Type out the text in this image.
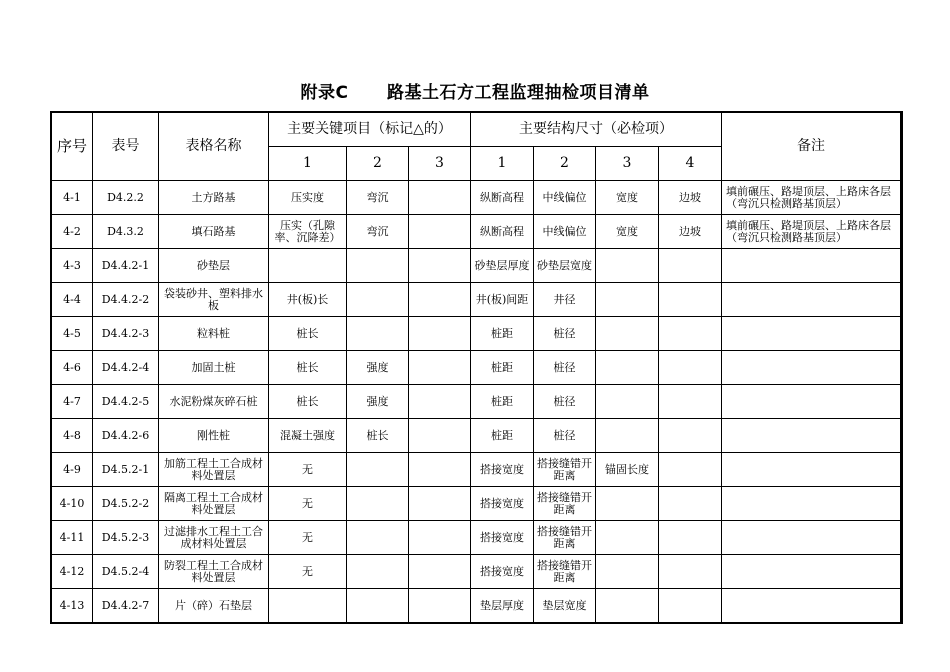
附录C      路基土石方工程监理抽检项目清单
序号	表号	表格名称	主要关键项目（标记△的）			主要结构尺寸（必检项）				备注
			1	2	3	1	2	3	4	
4-1	D4.2.2	土方路基	压实度	弯沉		纵断高程	中线偏位	宽度	边坡	填前碾压、路堤顶层、上路床各层（弯沉只检测路基顶层）
4-2	D4.3.2	填石路基	压实（孔隙率、沉降差）	弯沉		纵断高程	中线偏位	宽度	边坡	填前碾压、路堤顶层、上路床各层（弯沉只检测路基顶层）
4-3	D4.4.2-1	砂垫层				砂垫层厚度	砂垫层宽度			
4-4	D4.4.2-2	袋装砂井、塑料排水板	井(板)长			井(板)间距	井径			
4-5	D4.4.2-3	粒料桩	桩长			桩距	桩径			
4-6	D4.4.2-4	加固土桩	桩长	强度		桩距	桩径			
4-7	D4.4.2-5	水泥粉煤灰碎石桩	桩长	强度		桩距	桩径			
4-8	D4.4.2-6	刚性桩	混凝土强度	桩长		桩距	桩径			
4-9	D4.5.2-1	加筋工程土工合成材料处置层	无			搭接宽度	搭接缝错开距离	锚固长度		
4-10	D4.5.2-2	隔离工程土工合成材料处置层	无			搭接宽度	搭接缝错开距离			
4-11	D4.5.2-3	过滤排水工程土工合成材料处置层	无			搭接宽度	搭接缝错开距离			
4-12	D4.5.2-4	防裂工程土工合成材料处置层	无			搭接宽度	搭接缝错开距离			
4-13	D4.4.2-7	片（碎）石垫层				垫层厚度	垫层宽度			
